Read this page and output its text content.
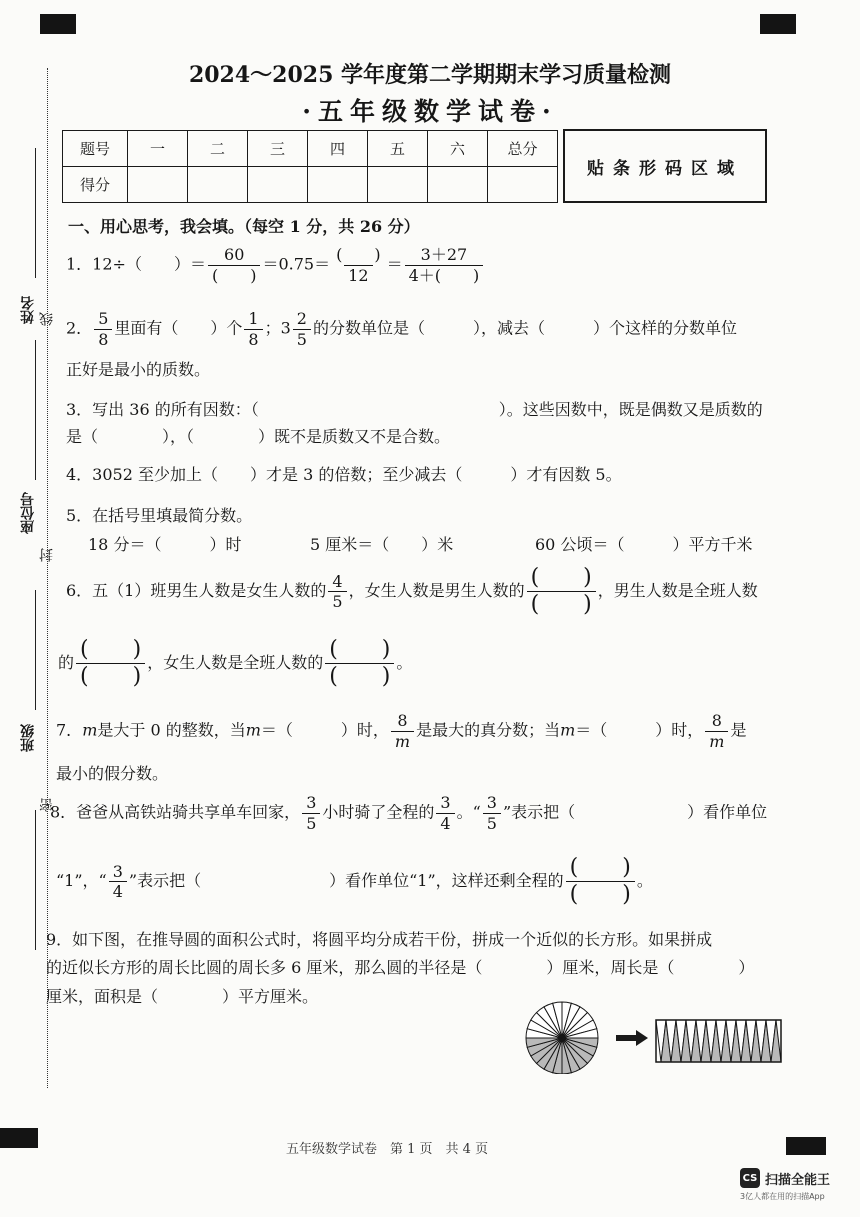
2024～2025 学年度第二学期期末学习质量检测
·五年级数学试卷·
题号	一	二	三	四	五	六	总分
得分							
贴条形码区域
姓名 线
座位号
封
班级
密
一、用心思考，我会填。（每空 1 分，共 26 分）
1．12÷（　　）＝ $\frac{60}{( )} =0.75= \frac{( )}{12} = \frac{3+27}{4+( )}$
2． $\frac{5}{8}$ 里面有（　　）个 $\frac{1}{8}$ ；$3 \frac{2}{5}$ 的分数单位是（　　　），减去（　　　）个这样的分数单位
正好是最小的质数。
3．写出 36 的所有因数：（　　　　　　　　　　　　　　　）。这些因数中，既是偶数又是质数的
是（　　　　），（　　　　）既不是质数又不是合数。
4．3052 至少加上（　　）才是 3 的倍数；至少减去（　　　）才有因数 5。
5．在括号里填最简分数。
18 分＝（　　　）时	5 厘米＝（　　）米	60 公顷＝（　　　）平方千米
6．五（1）班男生人数是女生人数的 $\frac{4}{5}$ ，女生人数是男生人数的 $\frac{( )}{( )}$ ，男生人数是全班人数
的 $\frac{( )}{( )}$ ，女生人数是全班人数的 $\frac{( )}{( )}$ 。
7．m是大于 0 的整数，当m＝（　　　）时， $\frac{8}{m}$ 是最大的真分数；当m＝（　　　）时， $\frac{8}{m}$ 是
最小的假分数。
8．爸爸从高铁站骑共享单车回家， $\frac{3}{5}$ 小时骑了全程的 $\frac{3}{4}$ 。“ $\frac{3}{5}$ ”表示把（　　　　　　　）看作单位
“1”，“ $\frac{3}{4}$ ”表示把（　　　　　　　　）看作单位“1”，这样还剩全程的 $\frac{( )}{( )}$ 。
9．如下图，在推导圆的面积公式时，将圆平均分成若干份，拼成一个近似的长方形。如果拼成
的近似长方形的周长比圆的周长多 6 厘米，那么圆的半径是（　　　　）厘米，周长是（　　　　）
厘米，面积是（　　　　）平方厘米。
五年级数学试卷　第 1 页　共 4 页
CS 扫描全能王
3亿人都在用的扫描App
